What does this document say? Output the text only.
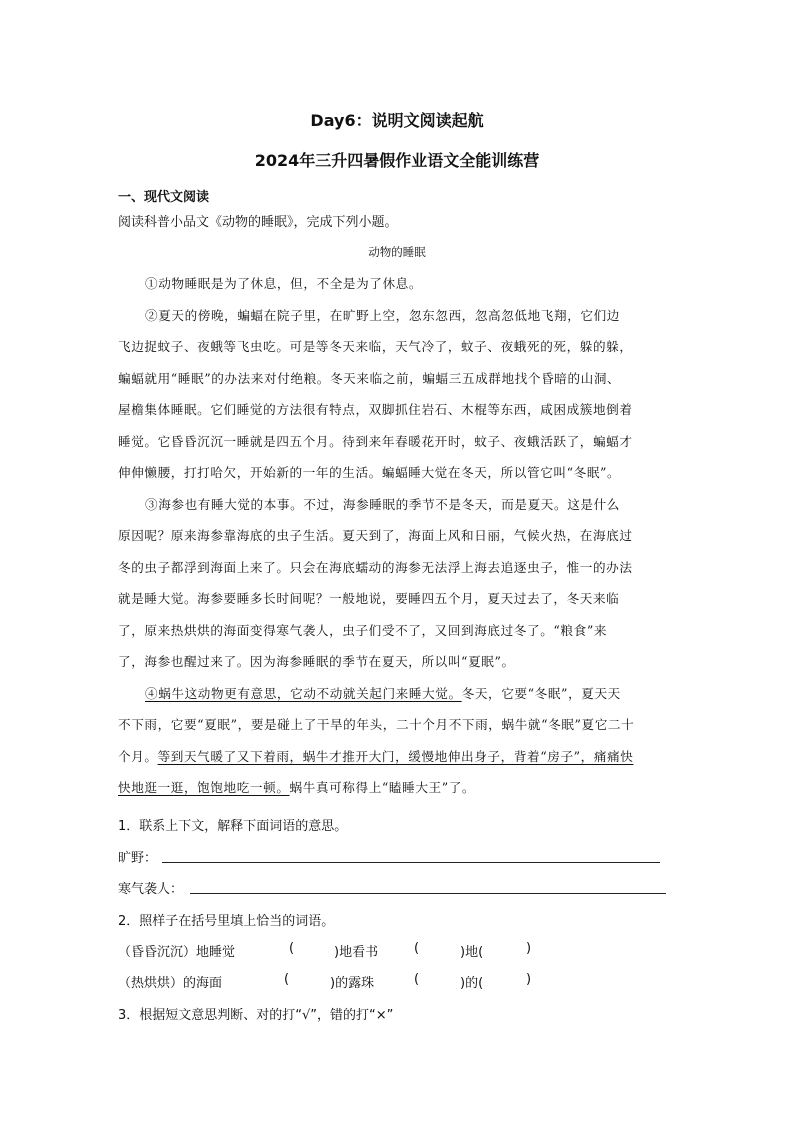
Day6：说明文阅读起航
2024年三升四暑假作业语文全能训练营
一、现代文阅读
阅读科普小品文《动物的睡眠》，完成下列小题。
动物的睡眠
①动物睡眠是为了休息，但，不全是为了休息。
②夏天的傍晚，蝙蝠在院子里，在旷野上空，忽东忽西，忽高忽低地飞翔，它们边
飞边捉蚊子、夜蛾等飞虫吃。可是等冬天来临，天气冷了，蚊子、夜蛾死的死，躲的躲，
蝙蝠就用“睡眠”的办法来对付绝粮。冬天来临之前，蝙蝠三五成群地找个昏暗的山洞、
屋檐集体睡眠。它们睡觉的方法很有特点，双脚抓住岩石、木棍等东西，咸困成簇地倒着
睡觉。它昏昏沉沉一睡就是四五个月。待到来年春暖花开时，蚊子、夜蛾活跃了，蝙蝠才
伸伸懒腰，打打哈欠，开始新的一年的生活。蝙蝠睡大觉在冬天，所以管它叫“冬眠”。
③海参也有睡大觉的本事。不过，海参睡眠的季节不是冬天，而是夏天。这是什么
原因呢？原来海参靠海底的虫子生活。夏天到了，海面上风和日丽，气候火热，在海底过
冬的虫子都浮到海面上来了。只会在海底蠕动的海参无法浮上海去追逐虫子，惟一的办法
就是睡大觉。海参要睡多长时间呢？一般地说，要睡四五个月，夏天过去了，冬天来临
了，原来热烘烘的海面变得寒气袭人，虫子们受不了，又回到海底过冬了。“粮食”来
了，海参也醒过来了。因为海参睡眠的季节在夏天，所以叫“夏眠”。
④蜗牛这动物更有意思，它动不动就关起门来睡大觉。冬天，它要“冬眠”，夏天天
不下雨，它要“夏眠”，要是碰上了干旱的年头，二十个月不下雨，蜗牛就“冬眠”夏它二十
个月。等到天气暖了又下着雨，蜗牛才推开大门，缓慢地伸出身子，背着“房子”，痛痛快
快地逛一逛，饱饱地吃一顿。蜗牛真可称得上“瞌睡大王”了。
1．联系上下文，解释下面词语的意思。
旷野：
寒气袭人：
2．照样子在括号里填上恰当的词语。
（昏昏沉沉）地睡觉	(	)地看书	(	)地(	)
（热烘烘）的海面	(	)的露珠	(	)的(	)
3．根据短文意思判断、对的打“√”，错的打“×”
